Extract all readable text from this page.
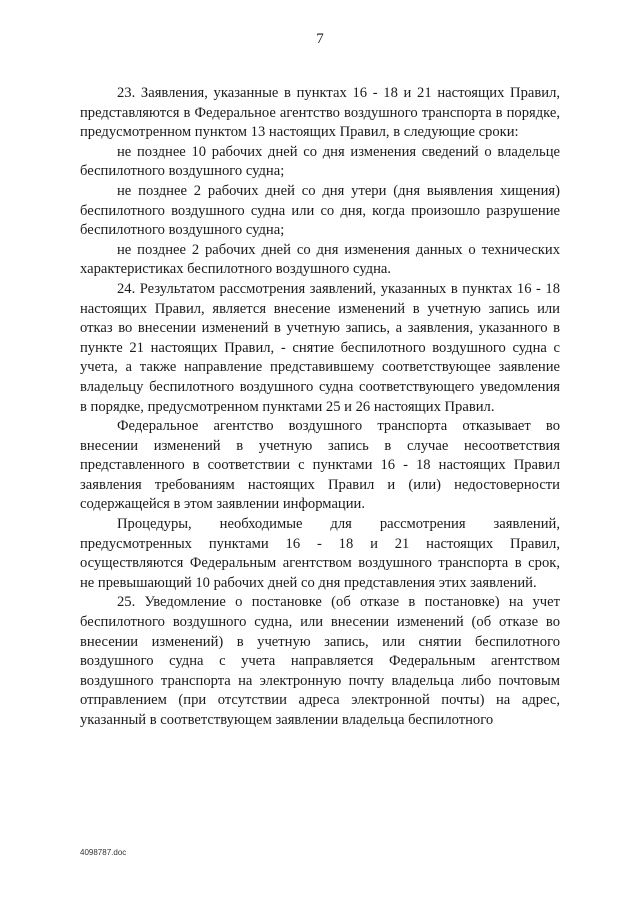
7

23. Заявления, указанные в пунктах 16 - 18 и 21 настоящих Правил, представляются в Федеральное агентство воздушного транспорта в порядке, предусмотренном пунктом 13 настоящих Правил, в следующие сроки:

не позднее 10 рабочих дней со дня изменения сведений о владельце беспилотного воздушного судна;

не позднее 2 рабочих дней со дня утери (дня выявления хищения) беспилотного воздушного судна или со дня, когда произошло разрушение беспилотного воздушного судна;

не позднее 2 рабочих дней со дня изменения данных о технических характеристиках беспилотного воздушного судна.

24. Результатом рассмотрения заявлений, указанных в пунктах 16 - 18 настоящих Правил, является внесение изменений в учетную запись или отказ во внесении изменений в учетную запись, а заявления, указанного в пункте 21 настоящих Правил, - снятие беспилотного воздушного судна с учета, а также направление представившему соответствующее заявление владельцу беспилотного воздушного судна соответствующего уведомления в порядке, предусмотренном пунктами 25 и 26 настоящих Правил.

Федеральное агентство воздушного транспорта отказывает во внесении изменений в учетную запись в случае несоответствия представленного в соответствии с пунктами 16 - 18 настоящих Правил заявления требованиям настоящих Правил и (или) недостоверности содержащейся в этом заявлении информации.

Процедуры, необходимые для рассмотрения заявлений, предусмотренных пунктами 16 - 18 и 21 настоящих Правил, осуществляются Федеральным агентством воздушного транспорта в срок, не превышающий 10 рабочих дней со дня представления этих заявлений.

25. Уведомление о постановке (об отказе в постановке) на учет беспилотного воздушного судна, или внесении изменений (об отказе во внесении изменений) в учетную запись, или снятии беспилотного воздушного судна с учета направляется Федеральным агентством воздушного транспорта на электронную почту владельца либо почтовым отправлением (при отсутствии адреса электронной почты) на адрес, указанный в соответствующем заявлении владельца беспилотного

4098787.doc
